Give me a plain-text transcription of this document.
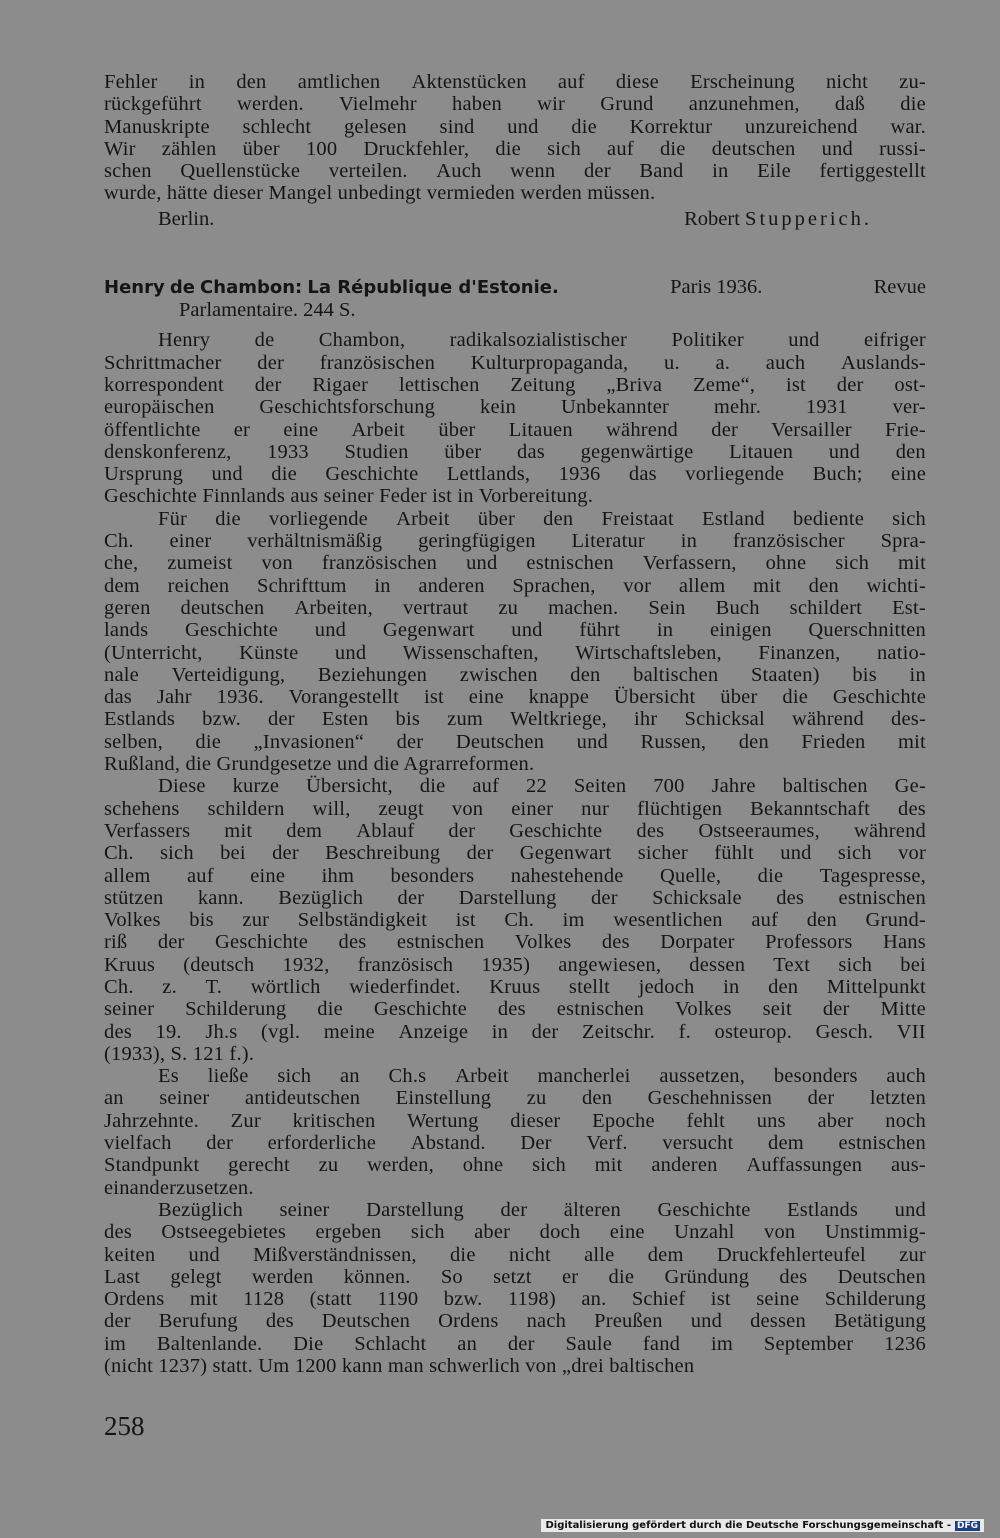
Fehler in den amtlichen Aktenstücken auf diese Erscheinung nicht zu-
rückgeführt werden. Vielmehr haben wir Grund anzunehmen, daß die
Manuskripte schlecht gelesen sind und die Korrektur unzureichend war.
Wir zählen über 100 Druckfehler, die sich auf die deutschen und russi-
schen Quellenstücke verteilen. Auch wenn der Band in Eile fertiggestellt
wurde, hätte dieser Mangel unbedingt vermieden werden müssen.
Berlin.	Robert Stupperich.
Henry de Chambon: La République d'Estonie.	Paris 1936.	Revue
Parlamentaire. 244 S.
Henry de Chambon, radikalsozialistischer Politiker und eifriger
Schrittmacher der französischen Kulturpropaganda, u. a. auch Auslands-
korrespondent der Rigaer lettischen Zeitung „Briva Zeme“, ist der ost-
europäischen Geschichtsforschung kein Unbekannter mehr. 1931 ver-
öffentlichte er eine Arbeit über Litauen während der Versailler Frie-
denskonferenz, 1933 Studien über das gegenwärtige Litauen und den
Ursprung und die Geschichte Lettlands, 1936 das vorliegende Buch; eine
Geschichte Finnlands aus seiner Feder ist in Vorbereitung.
Für die vorliegende Arbeit über den Freistaat Estland bediente sich
Ch. einer verhältnismäßig geringfügigen Literatur in französischer Spra-
che, zumeist von französischen und estnischen Verfassern, ohne sich mit
dem reichen Schrifttum in anderen Sprachen, vor allem mit den wichti-
geren deutschen Arbeiten, vertraut zu machen. Sein Buch schildert Est-
lands Geschichte und Gegenwart und führt in einigen Querschnitten
(Unterricht, Künste und Wissenschaften, Wirtschaftsleben, Finanzen, natio-
nale Verteidigung, Beziehungen zwischen den baltischen Staaten) bis in
das Jahr 1936. Vorangestellt ist eine knappe Übersicht über die Geschichte
Estlands bzw. der Esten bis zum Weltkriege, ihr Schicksal während des-
selben, die „Invasionen“ der Deutschen und Russen, den Frieden mit
Rußland, die Grundgesetze und die Agrarreformen.
Diese kurze Übersicht, die auf 22 Seiten 700 Jahre baltischen Ge-
schehens schildern will, zeugt von einer nur flüchtigen Bekanntschaft des
Verfassers mit dem Ablauf der Geschichte des Ostseeraumes, während
Ch. sich bei der Beschreibung der Gegenwart sicher fühlt und sich vor
allem auf eine ihm besonders nahestehende Quelle, die Tagespresse,
stützen kann. Bezüglich der Darstellung der Schicksale des estnischen
Volkes bis zur Selbständigkeit ist Ch. im wesentlichen auf den Grund-
riß der Geschichte des estnischen Volkes des Dorpater Professors Hans
Kruus (deutsch 1932, französisch 1935) angewiesen, dessen Text sich bei
Ch. z. T. wörtlich wiederfindet. Kruus stellt jedoch in den Mittelpunkt
seiner Schilderung die Geschichte des estnischen Volkes seit der Mitte
des 19. Jh.s (vgl. meine Anzeige in der Zeitschr. f. osteurop. Gesch. VII
(1933), S. 121 f.).
Es ließe sich an Ch.s Arbeit mancherlei aussetzen, besonders auch
an seiner antideutschen Einstellung zu den Geschehnissen der letzten
Jahrzehnte. Zur kritischen Wertung dieser Epoche fehlt uns aber noch
vielfach der erforderliche Abstand. Der Verf. versucht dem estnischen
Standpunkt gerecht zu werden, ohne sich mit anderen Auffassungen aus-
einanderzusetzen.
Bezüglich seiner Darstellung der älteren Geschichte Estlands und
des Ostseegebietes ergeben sich aber doch eine Unzahl von Unstimmig-
keiten und Mißverständnissen, die nicht alle dem Druckfehlerteufel zur
Last gelegt werden können. So setzt er die Gründung des Deutschen
Ordens mit 1128 (statt 1190 bzw. 1198) an. Schief ist seine Schilderung
der Berufung des Deutschen Ordens nach Preußen und dessen Betätigung
im Baltenlande. Die Schlacht an der Saule fand im September 1236
(nicht 1237) statt. Um 1200 kann man schwerlich von „drei baltischen
258
Digitalisierung gefördert durch die Deutsche Forschungsgemeinschaft - DFG
